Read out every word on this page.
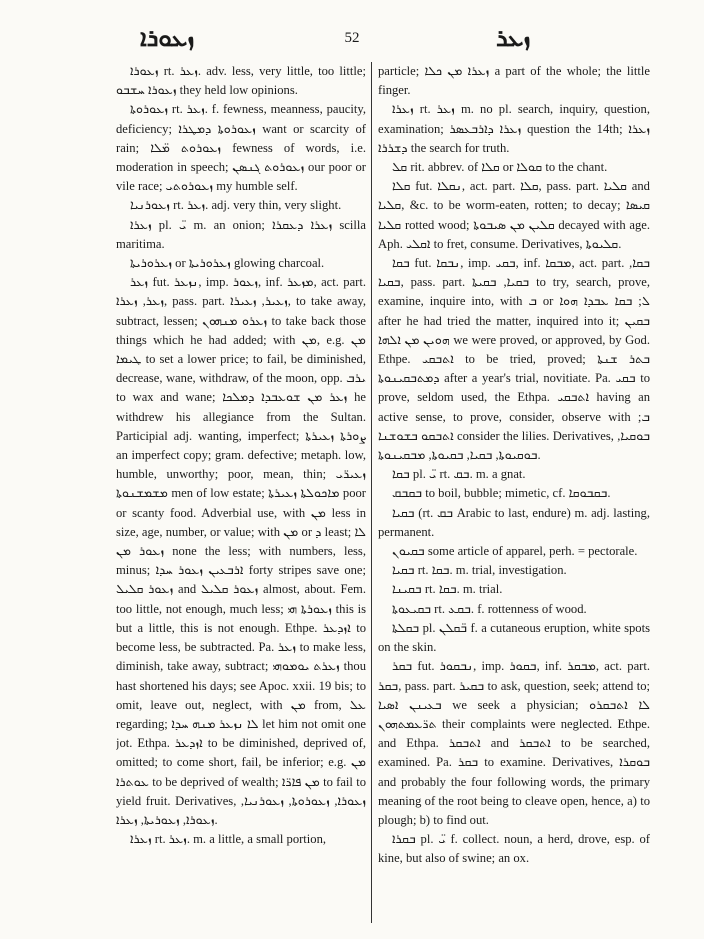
ܙܥܘܪܐ	52	ܙܥܪ

ܙܥܘܪܐ rt. ܙܥܪ. adv. less, very little, too little; ܙܥܘܪܐ ܚܫܒܘ they held low opinions.

ܙܥܘܪܘܬܐ rt. ܙܥܪ. f. fewness, meanness, paucity, deficiency; ܙܥܘܪܘܬܐ ܕܡܛܪܐ want or scarcity of rain; ܙܥܘܪܘܬ ܡ̈ܠܐ fewness of words, i.e. moderation in speech; ܙܥܘܪܘܬ ܓܢܣܢ our poor or vile race; ܙܥܘܪܘܬܝ my humble self.

ܙܥܘܪܢܝܐ rt. ܙܥܪ. adj. very thin, very slight.

ܙܥܪܐ pl. ܝ̈ m. an onion; ܙܥܪܐ ܕܥܩܪܐ scilla maritima.

ܙܥܪܘܪܝܬܐ or ܙܥܪܘܪܝܬܐ glowing charcoal.

ܙܥܪ fut. ܢܙܥܪ, imp. ܙܥܘܪ, inf. ܡܙܥܪ, act. part. ܙܥܪ, ܙܥܪܐ, pass. part. ܙܥܝܪ, ܙܥܝܪܐ, to take away, subtract, lessen; ܙܥܪܘ ܡܢܗܘܢ to take back those things which he had added; with ܡܢ, e.g. ܡܢ ܛܝܡܐ to set a lower price; to fail, be diminished, decrease, wane, withdraw, of the moon, opp. ܝܪܒ to wax and wane; ܙܥܪ ܡܢ ܫܘܥܒܕܐ ܕܡܠܟܐ he withdrew his allegiance from the Sultan. Participial adj. wanting, imperfect; ܨܘܪܬܐ ܙܥܝܪܬܐ an imperfect copy; gram. defective; metaph. low, humble, unworthy; poor, mean, thin; ܙܥܝܪ̈ܝ ܡܫܡܫܢܘܬܐ men of low estate; ܡܐܟܘܠܬܐ ܙܥܝܪܬܐ poor or scanty food. Adverbial use, with ܡܢ less in size, age, number, or value; with ܡܢ or ܕ least; ܠܐ ܙܥܘܪ ܡܢ none the less; with numbers, less, minus; ܐܪܒܥܝܢ ܙܥܘܪ ܚܕܐ forty stripes save one; ܙܥܘܪ ܩܠܝܠ and ܙܥܘܪ ܩܠܝܠ almost, about. Fem. too little, not enough, much less; ܙܥܘܪܬܐ ܗܝ this is but a little, this is not enough. Ethpe. ܐܙܕܥܪ to become less, be subtracted. Pa. ܙܥܪ to make less, diminish, take away, subtract; ܙܥܪܬ ܝܘܡܘܗܝ thou hast shortened his days; see Apoc. xxii. 19 bis; to omit, leave out, neglect, with ܡܢ from, ܥܠ regarding; ܠܐ ܢܙܥܪ ܡܢܗ ܚܕܐ let him not omit one jot. Ethpa. ܐܙܕܥܪ to be diminished, deprived of, omitted; to come short, fail, be inferior; e.g. ܡܢ ܥܘܬܪܐ to be deprived of wealth; ܡܢ ܦܐܪ̈ܐ to fail to yield fruit. Derivatives, ܙܥܘܪܐ, ܙܥܘܪܘܬܐ, ܙܥܘܪܢܝܐ, ܙܥܘܪܐ, ܙܥܘܪܝܬܐ, ܙܥܪܐ.

ܙܥܪܐ rt. ܙܥܪ. m. a little, a small portion,

particle; ܙܥܪܐ ܡܢ ܟܠܐ a part of the whole; the little finger.

ܙܥܪܐ rt. ܙܥܪ m. no pl. search, inquiry, question, examination; ܙܥܪܐ ܕܐܪܒܥܣܪ question the 14th; ܙܥܪܐ ܕܫܪܪܐ the search for truth.

ܩܠ rit. abbrev. of ܩܠܐ or ܩܘܠܐ to the chant.

ܩܠܐ fut. ܢܩܠܐ, act. part. ܩܠܐ, pass. part. ܩܠܝܐ and ܩܠܝܐ, &c. to be worm-eaten, rotten; to decay; ܩܝܣܐ ܩܠܝܐ rotted wood; ܩܠܝܢ ܡܢ ܣܝܒܘܬܐ decayed with age. Aph. ܐܩܠܝ to fret, consume. Derivatives, ܩܠܝܘܬܐ.

ܒܩܐ fut. ܢܒܩܐ, imp. ܒܩܝ, inf. ܡܒܩܐ, act. part. ܒܩܐ, ܒܩܝܐ, pass. part. ܒܩܝܐ, ܒܩܝܬܐ to try, search, prove, examine, inquire into, with ܒ or ܠ; ܒܩܐ ܥܒܕܐ ܗܘܐ after he had tried the matter, inquired into it; ܒܩܝܢ ܗܘܝܢ ܡܢ ܐܠܗܐ we were proved, or approved, by God. Ethpe. ܐܬܒܩܝ to be tried, proved; ܒܬܪ ܫܢܬܐ ܕܡܬܒܩܝܢܘܬܐ after a year's trial, novitiate. Pa. ܒܩܝ to prove, seldom used, the Ethpa. ܐܬܒܩܝ having an active sense, to prove, consider, observe with ܒ; ܐܬܒܩܘ ܒܫܘܫܢܐ consider the lilies. Derivatives, ܒܘܩܝܐ, ܒܘܩܝܘܬܐ, ܒܩܝܐ, ܒܩܝܘܬܐ, ܡܒܩܝܢܘܬܐ.

ܒܩܐ pl. ܝ̈ rt. ܒܩ. m. a gnat.

ܒܩܒܩ to boil, bubble; mimetic, cf. ܒܩܒܘܩܐ.

ܒܩܝܐ (rt. ܒܩ Arabic to last, endure) m. adj. lasting, permanent.

ܒܩܝܘܢ some article of apparel, perh. = pectorale.

ܒܩܝܐ rt. ܒܩܐ. m. trial, investigation.

ܒܩܝܢܐ rt. ܒܩܐ. m. trial.

ܒܩܝܥܘܬܐ rt. ܒܩܥ. f. rottenness of wood.

ܒܩܠܬܐ pl. ܒ̈ܩܠܢ f. a cutaneous eruption, white spots on the skin.

ܒܩܪ fut. ܢܒܩܘܪ, imp. ܒܩܘܪ, inf. ܡܒܩܪ, act. part. ܒܩܪ, pass. part. ܒܩܝܪ to ask, question, seek; attend to; ܒܥܝܢܢ ܐܣܝܐ we seek a physician; ܠܐ ܐܬܒܩܪܘ ܬܪ̈ܥܡܬܗܘܢ their complaints were neglected. Ethpe. and Ethpa. ܐܬܒܩܪ and ܐܬܒܩܪ to be searched, examined. Pa. ܒܩܪ to examine. Derivatives, ܒܘܩܪܐ and probably the four following words, the primary meaning of the root being to cleave open, hence, a) to plough; b) to find out.

ܒܩܪܐ pl. ܝ̈ f. collect. noun, a herd, drove, esp. of kine, but also of swine; an ox.
